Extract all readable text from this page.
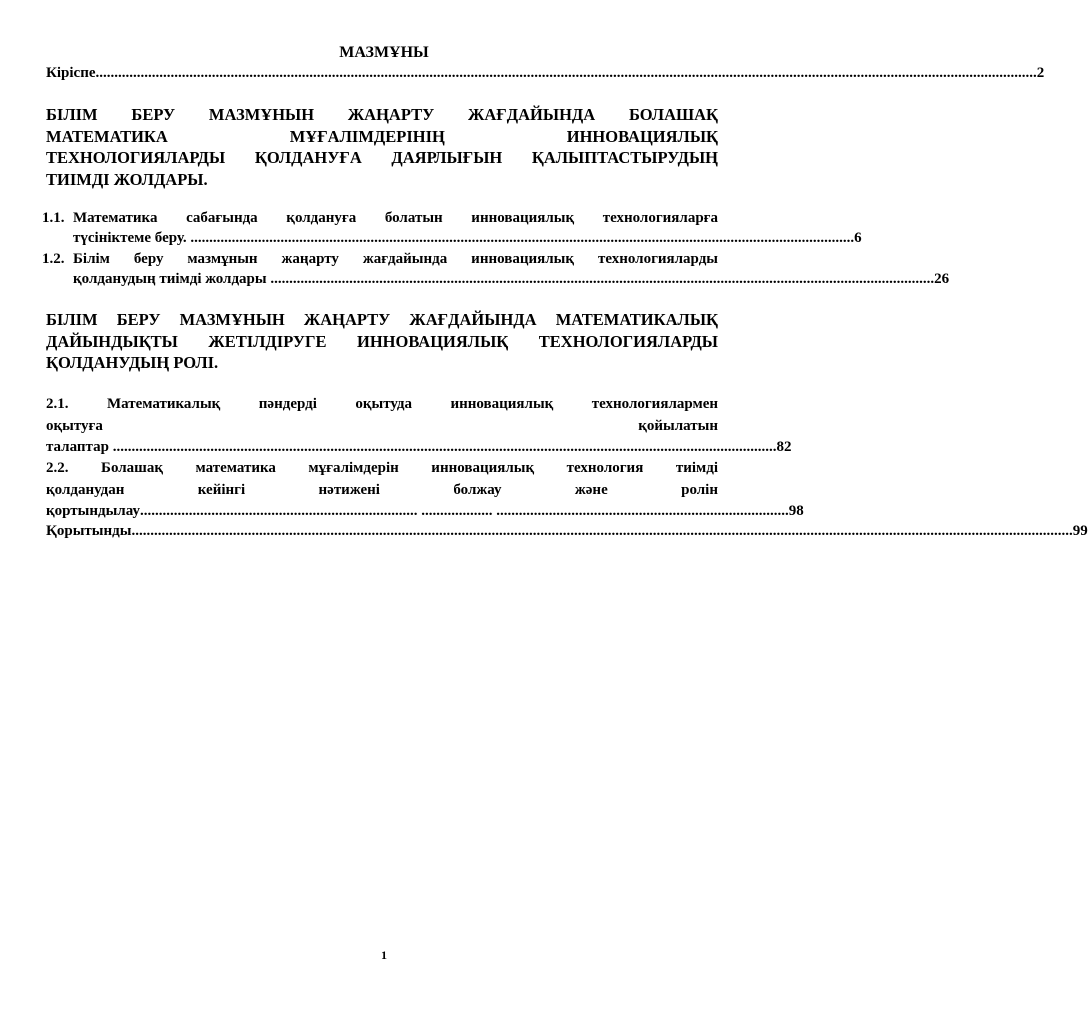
МАЗМҰНЫ
Кіріспе .......................................................................................................................................................................................................................................................... .2
БІЛІМ БЕРУ МАЗМҰНЫН ЖАҢАРТУ ЖАҒДАЙЫНДА БОЛАШАҚ
МАТЕМАТИКА МҰҒАЛІМДЕРІНІҢ ИННОВАЦИЯЛЫҚ
ТЕХНОЛОГИЯЛАРДЫ ҚОЛДАНУҒА ДАЯРЛЫҒЫН ҚАЛЫПТАСТЫРУДЫҢ
ТИІМДІ ЖОЛДАРЫ.
1.1. Математика сабағында қолдануға болатын инновациялық технологияларға
түсініктеме беру. ................................................................................................................................................................................ .6
1.2. Білім беру мазмұнын жаңарту жағдайында инновациялық технологияларды
қолданудың тиімді жолдары ................................................................................................................................................................................ .26
БІЛІМ БЕРУ МАЗМҰНЫН ЖАҢАРТУ ЖАҒДАЙЫНДА МАТЕМАТИКАЛЫҚ
ДАЙЫНДЫҚТЫ ЖЕТІЛДІРУГЕ ИННОВАЦИЯЛЫҚ ТЕХНОЛОГИЯЛАРДЫ
ҚОЛДАНУДЫҢ РОЛІ.
2.1. Математикалық пәндерді оқытуда инновациялық технологиялармен
оқытуға қойылатын
талаптар ................................................................................................................................................................................ .82
2.2. Болашақ математика мұғалімдерін инновациялық технология тиімді
қолданудан кейінгі нәтижені болжау және ролін
қортындылау .......................................................................... ................... ............................................................................. .98
Қорытынды .......................................................................................................................................................................................................................................................... .99
1
